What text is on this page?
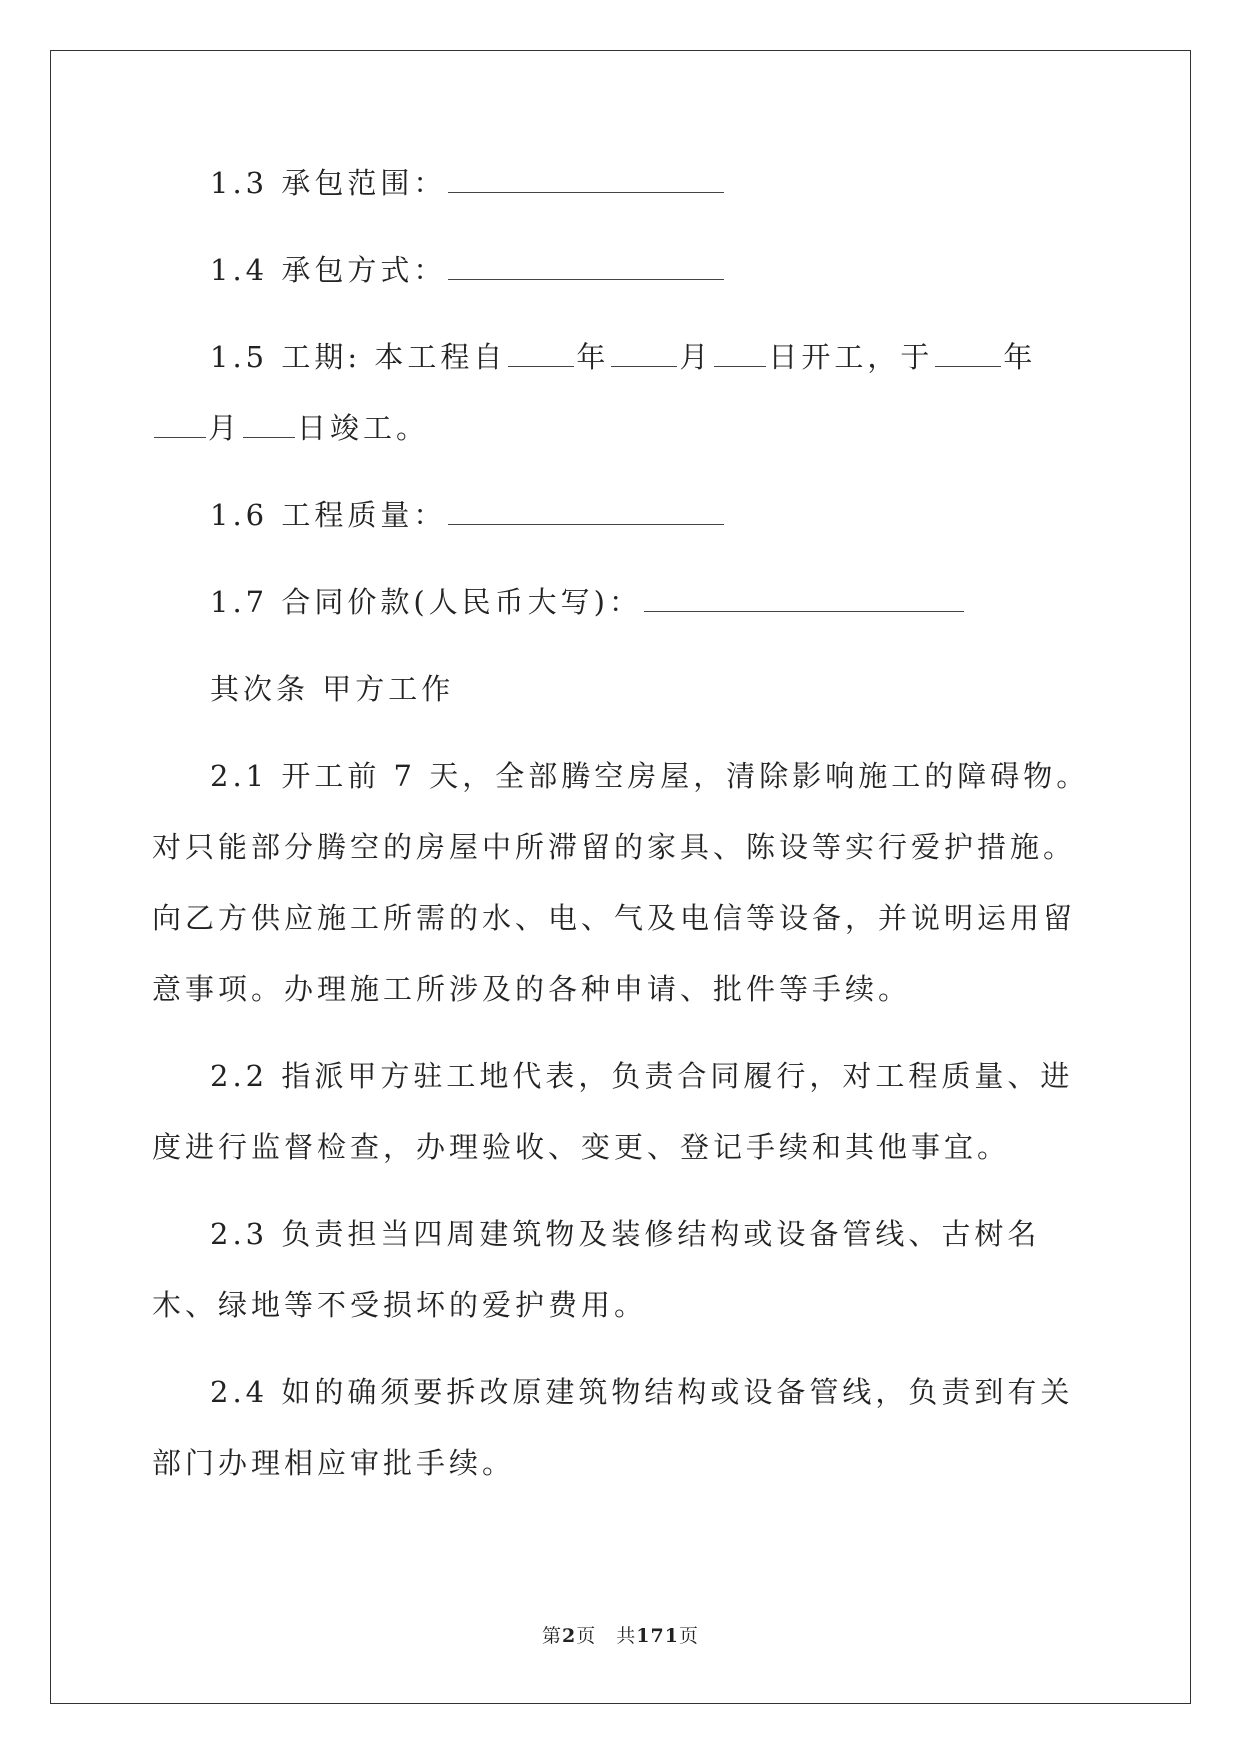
1.3 承包范围：

1.4 承包方式：

1.5 工期: 本工程自 年 月 日开工，于 年月 日竣工。

1.6 工程质量：

1.7 合同价款(人民币大写)：

其次条 甲方工作

2.1 开工前 7 天，全部腾空房屋，清除影响施工的障碍物。对只能部分腾空的房屋中所滞留的家具、陈设等实行爱护措施。向乙方供应施工所需的水、电、气及电信等设备，并说明运用留意事项。办理施工所涉及的各种申请、批件等手续。

2.2 指派甲方驻工地代表，负责合同履行，对工程质量、进度进行监督检查，办理验收、变更、登记手续和其他事宜。

2.3 负责担当四周建筑物及装修结构或设备管线、古树名木、绿地等不受损坏的爱护费用。

2.4 如的确须要拆改原建筑物结构或设备管线，负责到有关部门办理相应审批手续。

第2页 共171页
